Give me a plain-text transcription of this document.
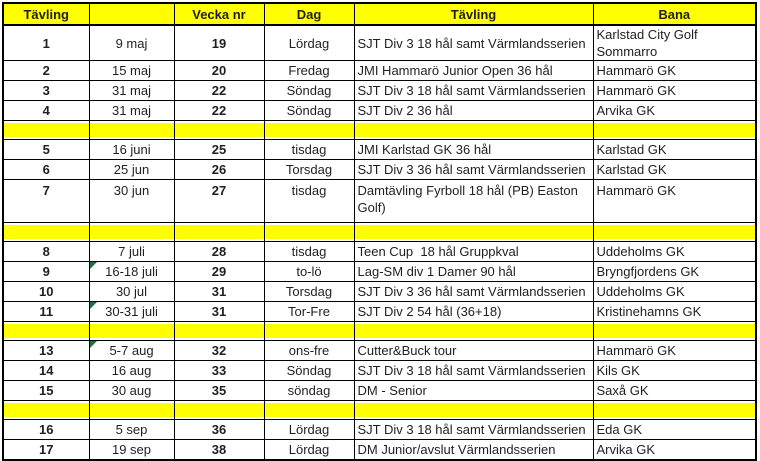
Tävling		Vecka nr	Dag	Tävling	Bana
1	9 maj	19	Lördag	SJT Div 3 18 hål samt Värmlandsserien	Karlstad City Golf Sommarro
2	15 maj	20	Fredag	JMI Hammarö Junior Open 36 hål	Hammarö GK
3	31 maj	22	Söndag	SJT Div 3 18 hål samt Värmlandsserien	Hammarö GK
4	31 maj	22	Söndag	SJT Div 2 36 hål	Arvika GK

5	16 juni	25	tisdag	JMI Karlstad GK 36 hål	Karlstad GK
6	25 jun	26	Torsdag	SJT Div 3 36 hål samt Värmlandsserien	Karlstad GK
7	30 jun	27	tisdag	Damtävling Fyrboll 18 hål (PB) Easton Golf)	Hammarö GK

8	7 juli	28	tisdag	Teen Cup  18 hål Gruppkval	Uddeholms GK
9	16-18 juli	29	to-lö	Lag-SM div 1 Damer 90 hål	Bryngfjordens GK
10	30 jul	31	Torsdag	SJT Div 3 36 hål samt Värmlandsserien	Uddeholms GK
11	30-31 juli	31	Tor-Fre	SJT Div 2 54 hål (36+18)	Kristinehamns GK

13	5-7 aug	32	ons-fre	Cutter&Buck tour	Hammarö GK
14	16 aug	33	Söndag	SJT Div 3 18 hål samt Värmlandsserien	Kils GK
15	30 aug	35	söndag	DM - Senior	Saxå GK

16	5 sep	36	Lördag	SJT Div 3 18 hål samt Värmlandsserien	Eda GK
17	19 sep	38	Lördag	DM Junior/avslut Värmlandsserien	Arvika GK
